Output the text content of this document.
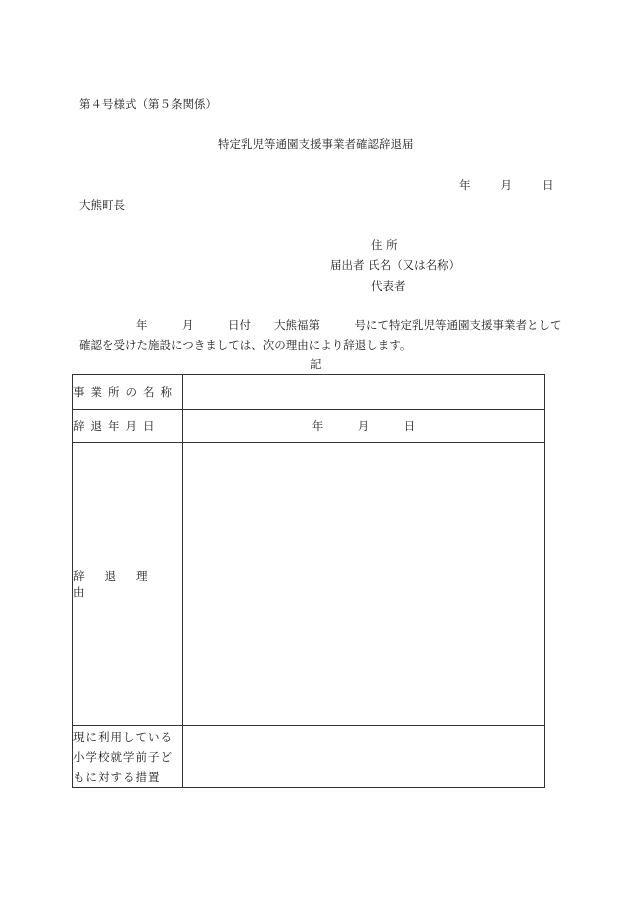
第４号様式（第５条関係）
特定乳児等通園支援事業者確認辞退届
年	月	日
大熊町長
住 所
届出者 氏名（又は名称）
代表者
年　　　月　　　日付　　大熊福第　　　号にて特定乳児等通園支援事業者として
確認を受けた施設につきましては、次の理由により辞退します。
記
事業所の名称	
辞退年月日	年　　　月　　　日
辞退理由	
現に利用している小学校就学前子どもに対する措置	
